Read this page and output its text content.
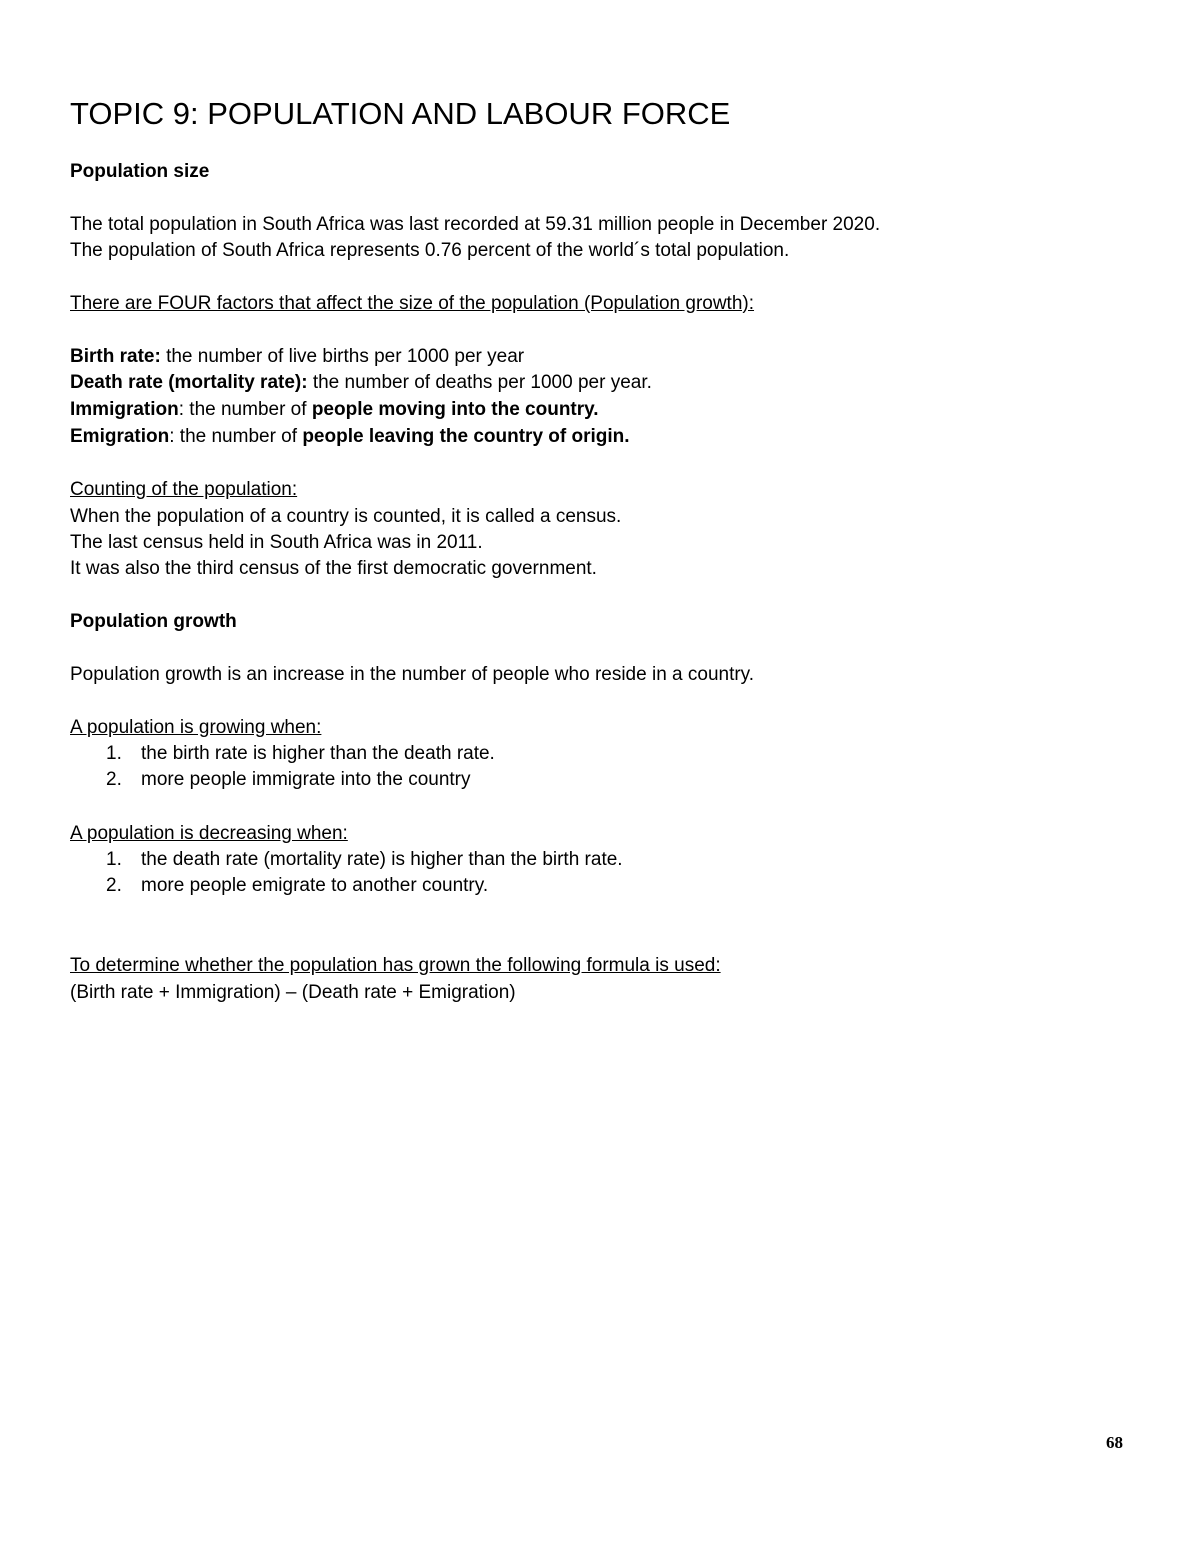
TOPIC 9: POPULATION AND LABOUR FORCE

Population size

The total population in South Africa was last recorded at 59.31 million people in December 2020.

The population of South Africa represents 0.76 percent of the world´s total population.

There are FOUR factors that affect the size of the population (Population growth):

Birth rate: the number of live births per 1000 per year

Death rate (mortality rate): the number of deaths per 1000 per year.

Immigration: the number of people moving into the country.

Emigration: the number of people leaving the country of origin.

Counting of the population:

When the population of a country is counted, it is called a census.

The last census held in South Africa was in 2011.

It was also the third census of the first democratic government.

Population growth

Population growth is an increase in the number of people who reside in a country.

A population is growing when:

1. the birth rate is higher than the death rate.
2. more people immigrate into the country

A population is decreasing when:

1. the death rate (mortality rate) is higher than the birth rate.
2. more people emigrate to another country.

To determine whether the population has grown the following formula is used:

(Birth rate + Immigration) – (Death rate + Emigration)

68
